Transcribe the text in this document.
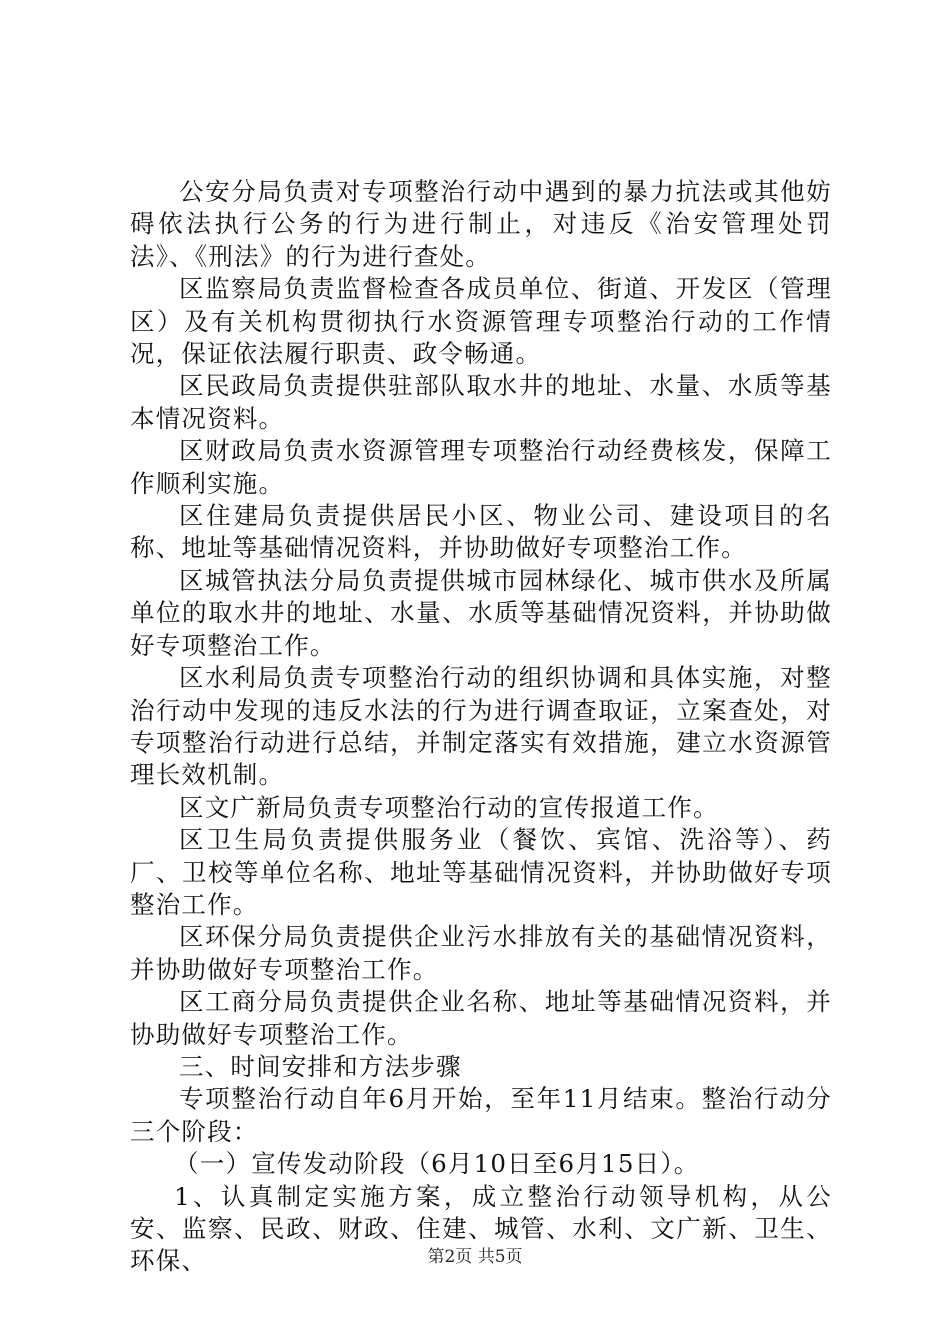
公安分局负责对专项整治行动中遇到的暴力抗法或其他妨碍依法执行公务的行为进行制止，对违反《治安管理处罚法》、《刑法》的行为进行查处。

区监察局负责监督检查各成员单位、街道、开发区（管理区）及有关机构贯彻执行水资源管理专项整治行动的工作情况，保证依法履行职责、政令畅通。

区民政局负责提供驻部队取水井的地址、水量、水质等基本情况资料。

区财政局负责水资源管理专项整治行动经费核发，保障工作顺利实施。

区住建局负责提供居民小区、物业公司、建设项目的名称、地址等基础情况资料，并协助做好专项整治工作。

区城管执法分局负责提供城市园林绿化、城市供水及所属单位的取水井的地址、水量、水质等基础情况资料，并协助做好专项整治工作。

区水利局负责专项整治行动的组织协调和具体实施，对整治行动中发现的违反水法的行为进行调查取证，立案查处，对专项整治行动进行总结，并制定落实有效措施，建立水资源管理长效机制。

区文广新局负责专项整治行动的宣传报道工作。

区卫生局负责提供服务业（餐饮、宾馆、洗浴等）、药厂、卫校等单位名称、地址等基础情况资料，并协助做好专项整治工作。

区环保分局负责提供企业污水排放有关的基础情况资料，并协助做好专项整治工作。

区工商分局负责提供企业名称、地址等基础情况资料，并协助做好专项整治工作。

三、时间安排和方法步骤

专项整治行动自年6月开始，至年11月结束。整治行动分三个阶段：

（一）宣传发动阶段（6月10日至6月15日）。

1、认真制定实施方案，成立整治行动领导机构，从公安、监察、民政、财政、住建、城管、水利、文广新、卫生、环保、	第2页 共5页
